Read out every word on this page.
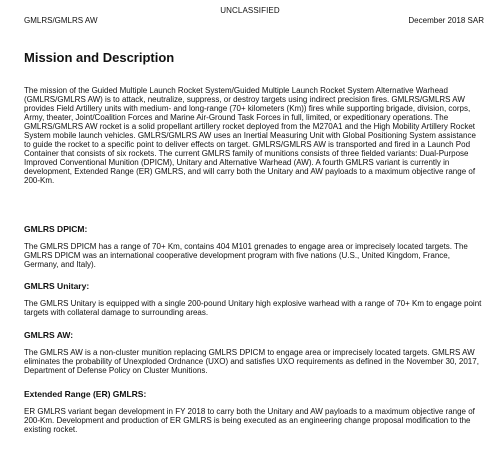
UNCLASSIFIED
GMLRS/GMLRS AW	December 2018 SAR
Mission and Description

The mission of the Guided Multiple Launch Rocket System/Guided Multiple Launch Rocket System Alternative Warhead (GMLRS/GMLRS AW) is to attack, neutralize, suppress, or destroy targets using indirect precision fires. GMLRS/GMLRS AW provides Field Artillery units with medium- and long-range (70+ kilometers (Km)) fires while supporting brigade, division, corps, Army, theater, Joint/Coalition Forces and Marine Air-Ground Task Forces in full, limited, or expeditionary operations. The GMLRS/GMLRS AW rocket is a solid propellant artillery rocket deployed from the M270A1 and the High Mobility Artillery Rocket System mobile launch vehicles. GMLRS/GMLRS AW uses an Inertial Measuring Unit with Global Positioning System assistance to guide the rocket to a specific point to deliver effects on target. GMLRS/GMLRS AW is transported and fired in a Launch Pod Container that consists of six rockets. The current GMLRS family of munitions consists of three fielded variants: Dual-Purpose Improved Conventional Munition (DPICM), Unitary and Alternative Warhead (AW). A fourth GMLRS variant is currently in development, Extended Range (ER) GMLRS, and will carry both the Unitary and AW payloads to a maximum objective range of 200-Km.

GMLRS DPICM:

The GMLRS DPICM has a range of 70+ Km, contains 404 M101 grenades to engage area or imprecisely located targets. The GMLRS DPICM was an international cooperative development program with five nations (U.S., United Kingdom, France, Germany, and Italy).

GMLRS Unitary:

The GMLRS Unitary is equipped with a single 200-pound Unitary high explosive warhead with a range of 70+ Km to engage point targets with collateral damage to surrounding areas.

GMLRS AW:

The GMLRS AW is a non-cluster munition replacing GMLRS DPICM to engage area or imprecisely located targets. GMLRS AW eliminates the probability of Unexploded Ordnance (UXO) and satisfies UXO requirements as defined in the November 30, 2017, Department of Defense Policy on Cluster Munitions.

Extended Range (ER) GMLRS:

ER GMLRS variant began development in FY 2018 to carry both the Unitary and AW payloads to a maximum objective range of 200-Km. Development and production of ER GMLRS is being executed as an engineering change proposal modification to the existing rocket.
